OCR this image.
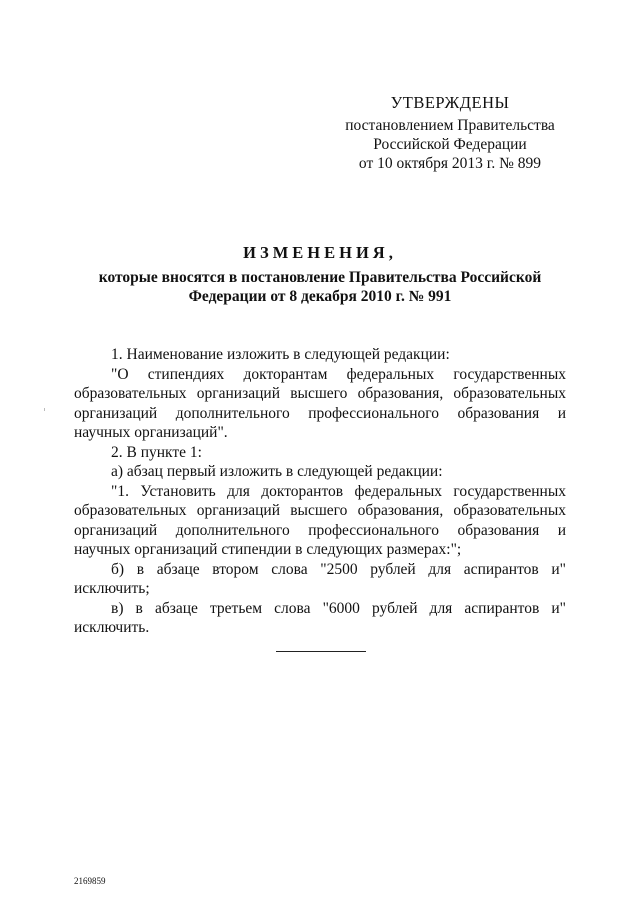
УТВЕРЖДЕНЫ
постановлением Правительства
Российской Федерации
от 10 октября 2013 г. № 899
ИЗМЕНЕНИЯ,
которые вносятся в постановление Правительства Российской
Федерации от 8 декабря 2010 г. № 991

1. Наименование изложить в следующей редакции:

"О стипендиях докторантам федеральных государственных образовательных организаций высшего образования, образовательных организаций дополнительного профессионального образования и научных организаций".

2. В пункте 1:

а) абзац первый изложить в следующей редакции:

"1. Установить для докторантов федеральных государственных образовательных организаций высшего образования, образовательных организаций дополнительного профессионального образования и научных организаций стипендии в следующих размерах:";

б) в абзаце втором слова "2500 рублей для аспирантов и" исключить;

в) в абзаце третьем слова "6000 рублей для аспирантов и" исключить.

2169859
